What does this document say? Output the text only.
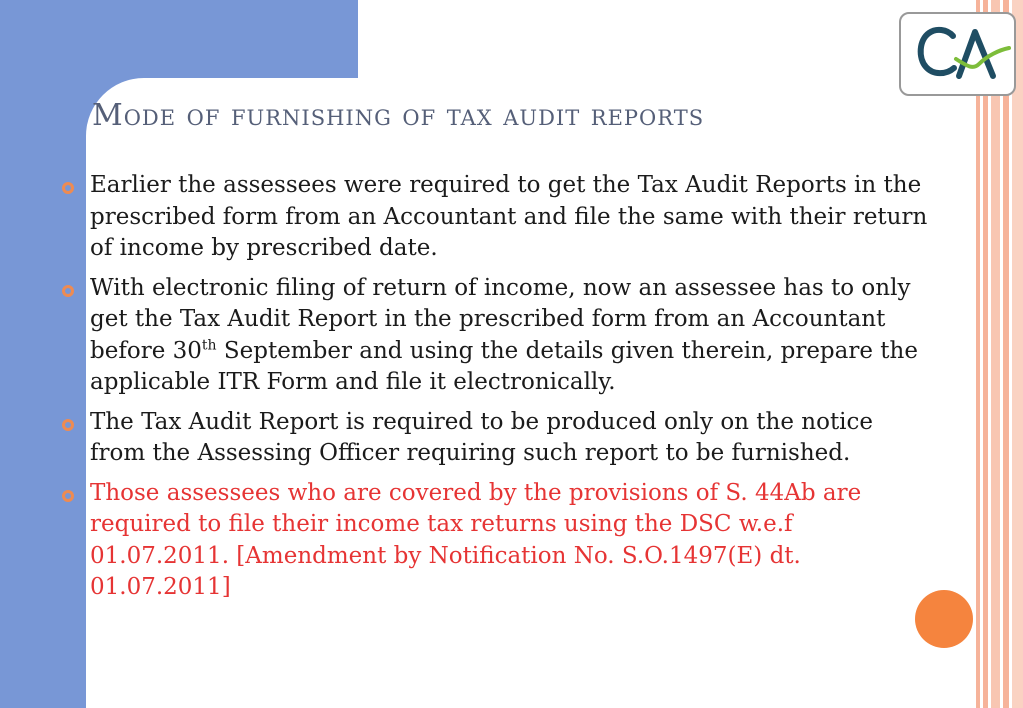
Mode of furnishing of tax audit reports
Earlier the assessees were required to get the Tax Audit Reports in the prescribed form from an Accountant and file the same with their return of income by prescribed date.
With electronic filing of return of income, now an assessee has to only get the Tax Audit Report in the prescribed form from an Accountant before 30th September and using the details given therein, prepare the applicable ITR Form and file it electronically.
The Tax Audit Report is required to be produced only on the notice from the Assessing Officer requiring such report to be furnished.
Those assessees who are covered by the provisions of S. 44Ab are required to file their income tax returns using the DSC w.e.f 01.07.2011. [Amendment by Notification No. S.O.1497(E) dt. 01.07.2011]
